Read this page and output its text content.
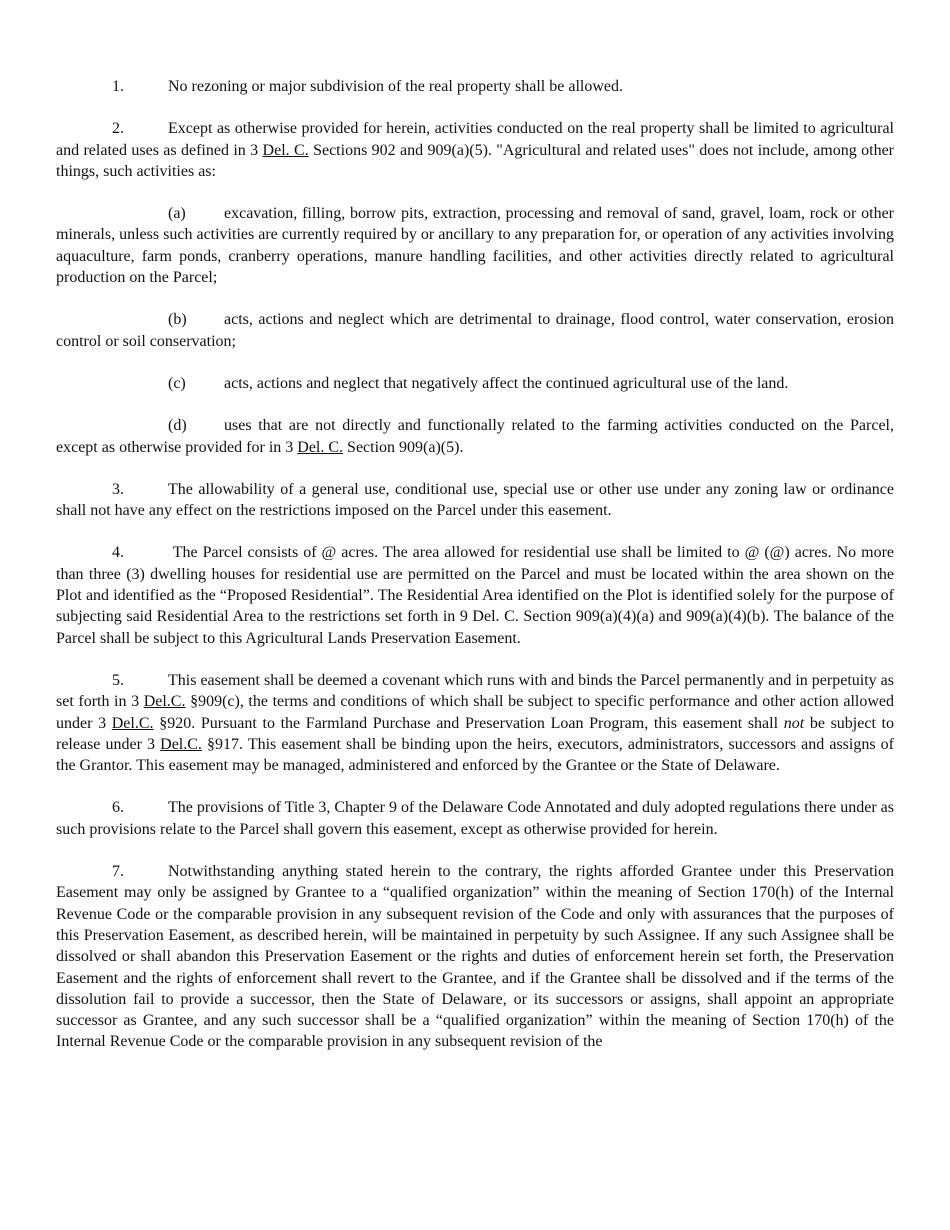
1.	No rezoning or major subdivision of the real property shall be allowed.

2.	Except as otherwise provided for herein, activities conducted on the real property shall be limited to agricultural and related uses as defined in 3 Del. C. Sections 902 and 909(a)(5). "Agricultural and related uses" does not include, among other things, such activities as:

(a) excavation, filling, borrow pits, extraction, processing and removal of sand, gravel, loam, rock or other minerals, unless such activities are currently required by or ancillary to any preparation for, or operation of any activities involving aquaculture, farm ponds, cranberry operations, manure handling facilities, and other activities directly related to agricultural production on the Parcel;

(b) acts, actions and neglect which are detrimental to drainage, flood control, water conservation, erosion control or soil conservation;

(c) acts, actions and neglect that negatively affect the continued agricultural use of the land.

(d) uses that are not directly and functionally related to the farming activities conducted on the Parcel, except as otherwise provided for in 3 Del. C. Section 909(a)(5).

3.	The allowability of a general use, conditional use, special use or other use under any zoning law or ordinance shall not have any effect on the restrictions imposed on the Parcel under this easement.

4.	The Parcel consists of @ acres. The area allowed for residential use shall be limited to @ (@) acres. No more than three (3) dwelling houses for residential use are permitted on the Parcel and must be located within the area shown on the Plot and identified as the “Proposed Residential”. The Residential Area identified on the Plot is identified solely for the purpose of subjecting said Residential Area to the restrictions set forth in 9 Del. C. Section 909(a)(4)(a) and 909(a)(4)(b). The balance of the Parcel shall be subject to this Agricultural Lands Preservation Easement.

5.	This easement shall be deemed a covenant which runs with and binds the Parcel permanently and in perpetuity as set forth in 3 Del.C. §909(c), the terms and conditions of which shall be subject to specific performance and other action allowed under 3 Del.C. §920. Pursuant to the Farmland Purchase and Preservation Loan Program, this easement shall not be subject to release under 3 Del.C. §917. This easement shall be binding upon the heirs, executors, administrators, successors and assigns of the Grantor. This easement may be managed, administered and enforced by the Grantee or the State of Delaware.

6.	The provisions of Title 3, Chapter 9 of the Delaware Code Annotated and duly adopted regulations there under as such provisions relate to the Parcel shall govern this easement, except as otherwise provided for herein.

7.	Notwithstanding anything stated herein to the contrary, the rights afforded Grantee under this Preservation Easement may only be assigned by Grantee to a “qualified organization” within the meaning of Section 170(h) of the Internal Revenue Code or the comparable provision in any subsequent revision of the Code and only with assurances that the purposes of this Preservation Easement, as described herein, will be maintained in perpetuity by such Assignee. If any such Assignee shall be dissolved or shall abandon this Preservation Easement or the rights and duties of enforcement herein set forth, the Preservation Easement and the rights of enforcement shall revert to the Grantee, and if the Grantee shall be dissolved and if the terms of the dissolution fail to provide a successor, then the State of Delaware, or its successors or assigns, shall appoint an appropriate successor as Grantee, and any such successor shall be a “qualified organization” within the meaning of Section 170(h) of the Internal Revenue Code or the comparable provision in any subsequent revision of the
